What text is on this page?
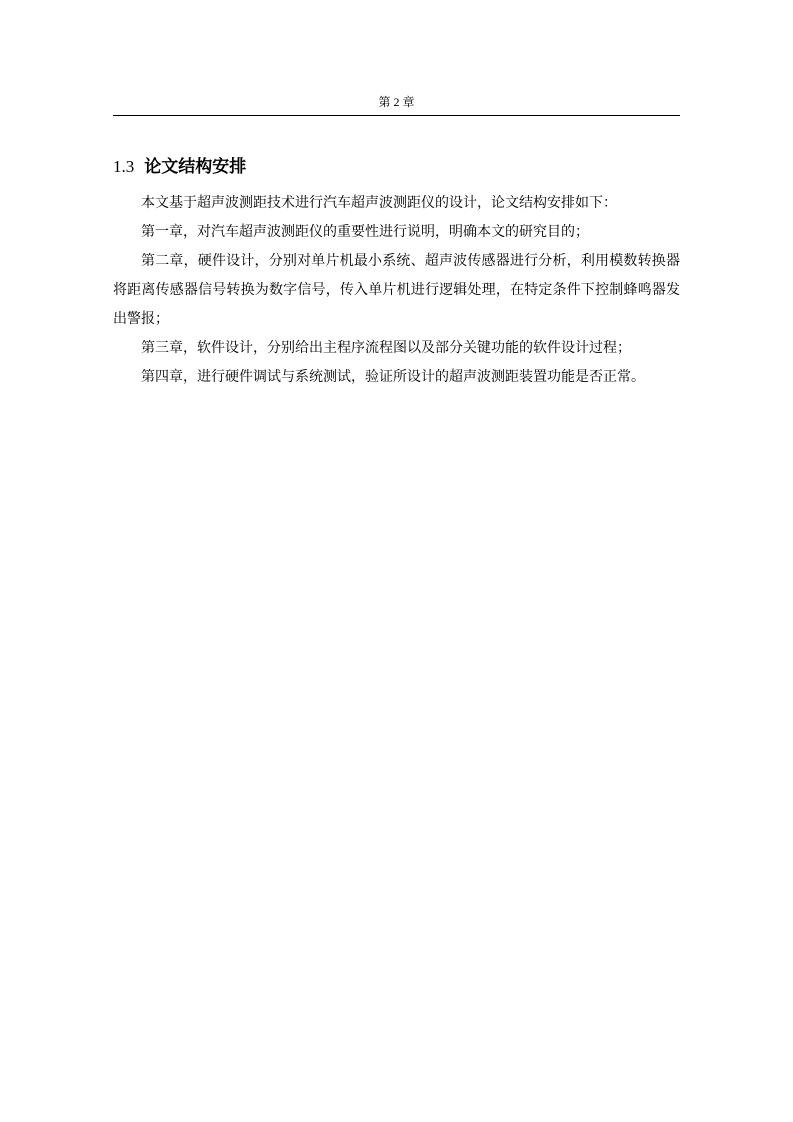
第 2 章
1.3 论文结构安排

本文基于超声波测距技术进行汽车超声波测距仪的设计，论文结构安排如下：

第一章，对汽车超声波测距仪的重要性进行说明，明确本文的研究目的；

第二章，硬件设计，分别对单片机最小系统、超声波传感器进行分析，利用模数转换器将距离传感器信号转换为数字信号，传入单片机进行逻辑处理，在特定条件下控制蜂鸣器发出警报；

第三章，软件设计，分别给出主程序流程图以及部分关键功能的软件设计过程；

第四章，进行硬件调试与系统测试，验证所设计的超声波测距装置功能是否正常。
